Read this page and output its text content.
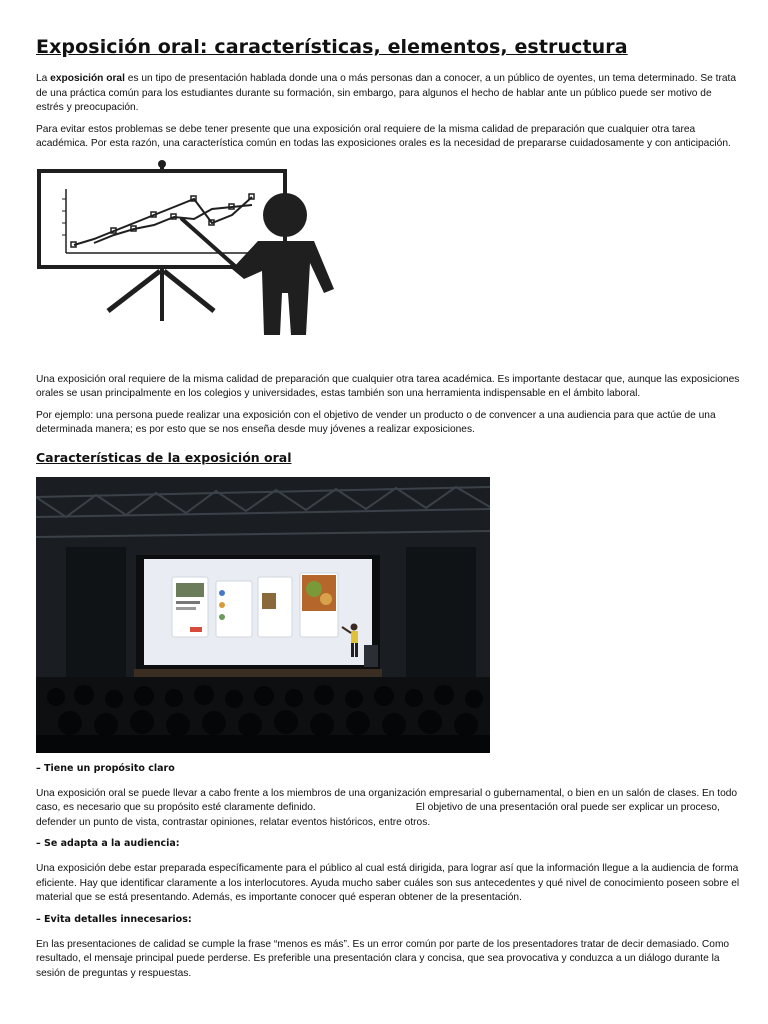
Exposición oral: características, elementos, estructura

La exposición oral es un tipo de presentación hablada donde una o más personas dan a conocer, a un público de oyentes, un tema determinado. Se trata de una práctica común para los estudiantes durante su formación, sin embargo, para algunos el hecho de hablar ante un público puede ser motivo de estrés y preocupación.

Para evitar estos problemas se debe tener presente que una exposición oral requiere de la misma calidad de preparación que cualquier otra tarea académica. Por esta razón, una característica común en todas las exposiciones orales es la necesidad de prepararse cuidadosamente y con anticipación.

Una exposición oral requiere de la misma calidad de preparación que cualquier otra tarea académica. Es importante destacar que, aunque las exposiciones orales se usan principalmente en los colegios y universidades, estas también son una herramienta indispensable en el ámbito laboral.

Por ejemplo: una persona puede realizar una exposición con el objetivo de vender un producto o de convencer a una audiencia para que actúe de una determinada manera; es por esto que se nos enseña desde muy jóvenes a realizar exposiciones.

Características de la exposición oral
– Tiene un propósito claro

Una exposición oral se puede llevar a cabo frente a los miembros de una organización empresarial o gubernamental, o bien en un salón de clases. En todo caso, es necesario que su propósito esté claramente definido.	El objetivo de una presentación oral puede ser explicar un proceso, defender un punto de vista, contrastar opiniones, relatar eventos históricos, entre otros.

– Se adapta a la audiencia:

Una exposición debe estar preparada específicamente para el público al cual está dirigida, para lograr así que la información llegue a la audiencia de forma eficiente. Hay que identificar claramente a los interlocutores. Ayuda mucho saber cuáles son sus antecedentes y qué nivel de conocimiento poseen sobre el material que se está presentando. Además, es importante conocer qué esperan obtener de la presentación.

– Evita detalles innecesarios:

En las presentaciones de calidad se cumple la frase “menos es más”. Es un error común por parte de los presentadores tratar de decir demasiado. Como resultado, el mensaje principal puede perderse. Es preferible una presentación clara y concisa, que sea provocativa y conduzca a un diálogo durante la sesión de preguntas y respuestas.
